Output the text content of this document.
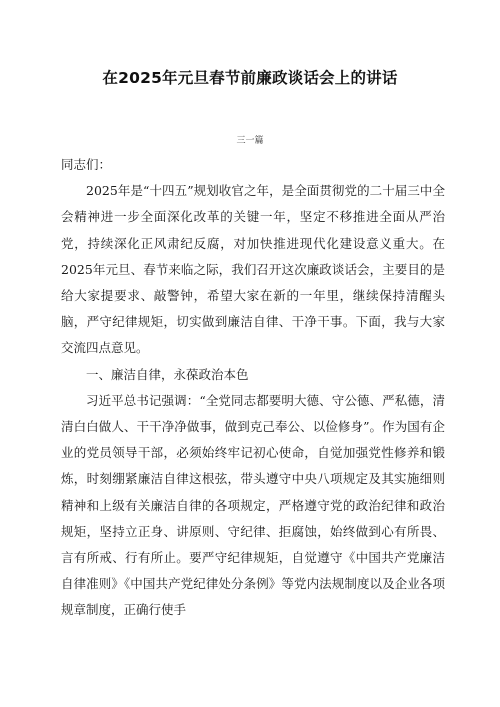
在2025年元旦春节前廉政谈话会上的讲话
三一篇

同志们：

2025年是“十四五”规划收官之年，是全面贯彻党的二十届三中全会精神进一步全面深化改革的关键一年，坚定不移推进全面从严治党，持续深化正风肃纪反腐，对加快推进现代化建设意义重大。在2025年元旦、春节来临之际，我们召开这次廉政谈话会，主要目的是给大家提要求、敲警钟，希望大家在新的一年里，继续保持清醒头脑，严守纪律规矩，切实做到廉洁自律、干净干事。下面，我与大家交流四点意见。

一、廉洁自律，永葆政治本色

习近平总书记强调：“全党同志都要明大德、守公德、严私德，清清白白做人、干干净净做事，做到克己奉公、以俭修身”。作为国有企业的党员领导干部，必须始终牢记初心使命，自觉加强党性修养和锻炼，时刻绷紧廉洁自律这根弦，带头遵守中央八项规定及其实施细则精神和上级有关廉洁自律的各项规定，严格遵守党的政治纪律和政治规矩，坚持立正身、讲原则、守纪律、拒腐蚀，始终做到心有所畏、言有所戒、行有所止。要严守纪律规矩，自觉遵守《中国共产党廉洁自律准则》《中国共产党纪律处分条例》等党内法规制度以及企业各项规章制度，正确行使手
